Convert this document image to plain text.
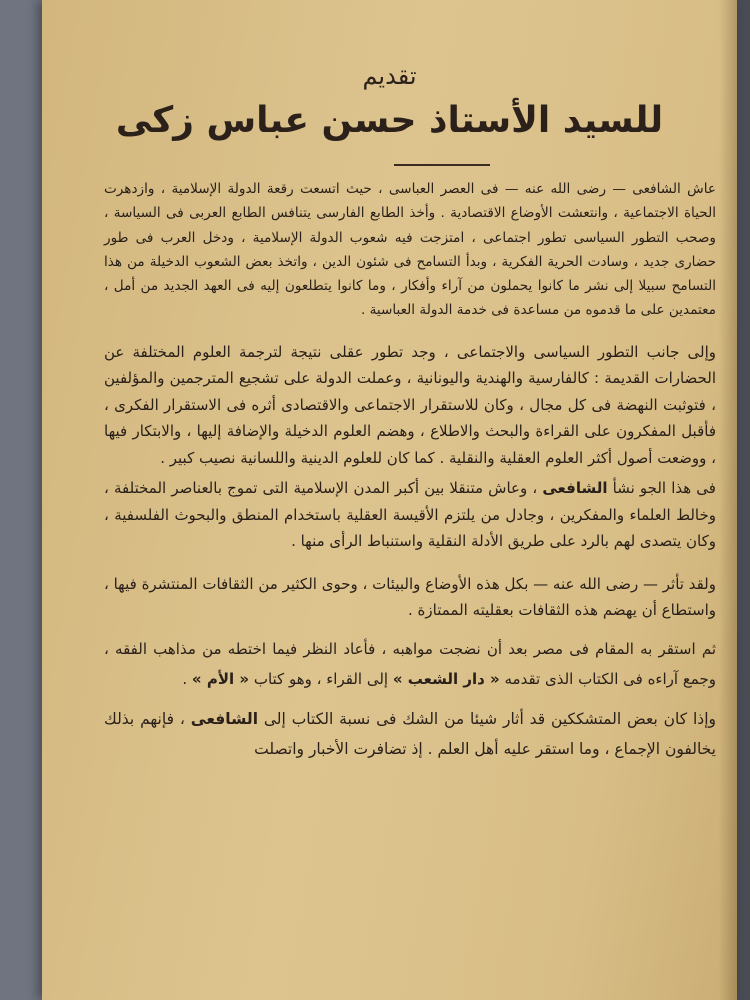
تقديم
للسيد الأستاذ حسن عباس زكى

عاش الشافعى — رضى الله عنه — فى العصر العباسى ، حيث اتسعت رقعة الدولة الإسلامية ، وازدهرت الحياة الاجتماعية ، وانتعشت الأوضاع الاقتصادية . وأخذ الطابع الفارسى يتنافس الطابع العربى فى السياسة ، وصحب التطور السياسى تطور اجتماعى ، امتزجت فيه شعوب الدولة الإسلامية ، ودخل العرب فى طور حضارى جديد ، وسادت الحرية الفكرية ، وبدأ التسامح فى شئون الدين ، واتخذ بعض الشعوب الدخيلة من هذا التسامح سبيلا إلى نشر ما كانوا يحملون من آراء وأفكار ، وما كانوا يتطلعون إليه فى العهد الجديد من أمل ، معتمدين على ما قدموه من مساعدة فى خدمة الدولة العباسية .

وإلى جانب التطور السياسى والاجتماعى ، وجد تطور عقلى نتيجة لترجمة العلوم المختلفة عن الحضارات القديمة : كالفارسية والهندية واليونانية ، وعملت الدولة على تشجيع المترجمين والمؤلفين ، فتوثبت النهضة فى كل مجال ، وكان للاستقرار الاجتماعى والاقتصادى أثره فى الاستقرار الفكرى ، فأقبل المفكرون على القراءة والبحث والاطلاع ، وهضم العلوم الدخيلة والإضافة إليها ، والابتكار فيها ، ووضعت أصول أكثر العلوم العقلية والنقلية . كما كان للعلوم الدينية واللسانية نصيب كبير .

فى هذا الجو نشأ الشافعى ، وعاش متنقلا بين أكبر المدن الإسلامية التى تموج بالعناصر المختلفة ، وخالط العلماء والمفكرين ، وجادل من يلتزم الأقيسة العقلية باستخدام المنطق والبحوث الفلسفية ، وكان يتصدى لهم بالرد على طريق الأدلة النقلية واستنباط الرأى منها .

ولقد تأثر — رضى الله عنه — بكل هذه الأوضاع والبيئات ، وحوى الكثير من الثقافات المنتشرة فيها ، واستطاع أن يهضم هذه الثقافات بعقليته الممتازة .

ثم استقر به المقام فى مصر بعد أن نضجت مواهبه ، فأعاد النظر فيما اختطه من مذاهب الفقه ، وجمع آراءه فى الكتاب الذى تقدمه « دار الشعب » إلى القراء ، وهو كتاب « الأم » .

وإذا كان بعض المتشككين قد أثار شيئا من الشك فى نسبة الكتاب إلى الشافعى ، فإنهم بذلك يخالفون الإجماع ، وما استقر عليه أهل العلم . إذ تضافرت الأخبار واتصلت
